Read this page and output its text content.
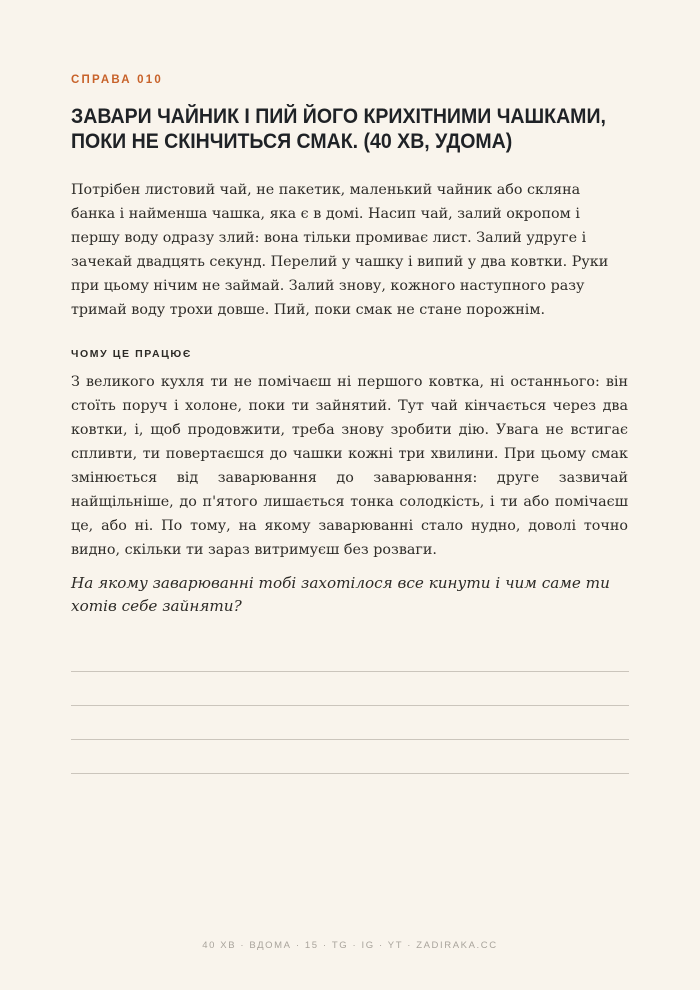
СПРАВА 010
ЗАВАРИ ЧАЙНИК І ПИЙ ЙОГО КРИХІТНИМИ ЧАШКАМИ, ПОКИ НЕ СКІНЧИТЬСЯ СМАК. (40 ХВ, УДОМА)

Потрібен листовий чай, не пакетик, маленький чайник або скляна банка і найменша чашка, яка є в домі. Насип чай, залий окропом і першу воду одразу злий: вона тільки промиває лист. Залий удруге і зачекай двадцять секунд. Перелий у чашку і випий у два ковтки. Руки при цьому нічим не займай. Залий знову, кожного наступного разу тримай воду трохи довше. Пий, поки смак не стане порожнім.

ЧОМУ ЦЕ ПРАЦЮЄ

З великого кухля ти не помічаєш ні першого ковтка, ні останнього: він стоїть поруч і холоне, поки ти зайнятий. Тут чай кінчається через два ковтки, і, щоб продовжити, треба знову зробити дію. Увага не встигає спливти, ти повертаєшся до чашки кожні три хвилини. При цьому смак змінюється від заварювання до заварювання: друге зазвичай найщільніше, до п'ятого лишається тонка солодкість, і ти або помічаєш це, або ні. По тому, на якому заварюванні стало нудно, доволі точно видно, скільки ти зараз витримуєш без розваги.

На якому заварюванні тобі захотілося все кинути і чим саме ти хотів себе зайняти?

40 ХВ · ВДОМА · 15 · TG · IG · YT · ZADIRAKA.CC
